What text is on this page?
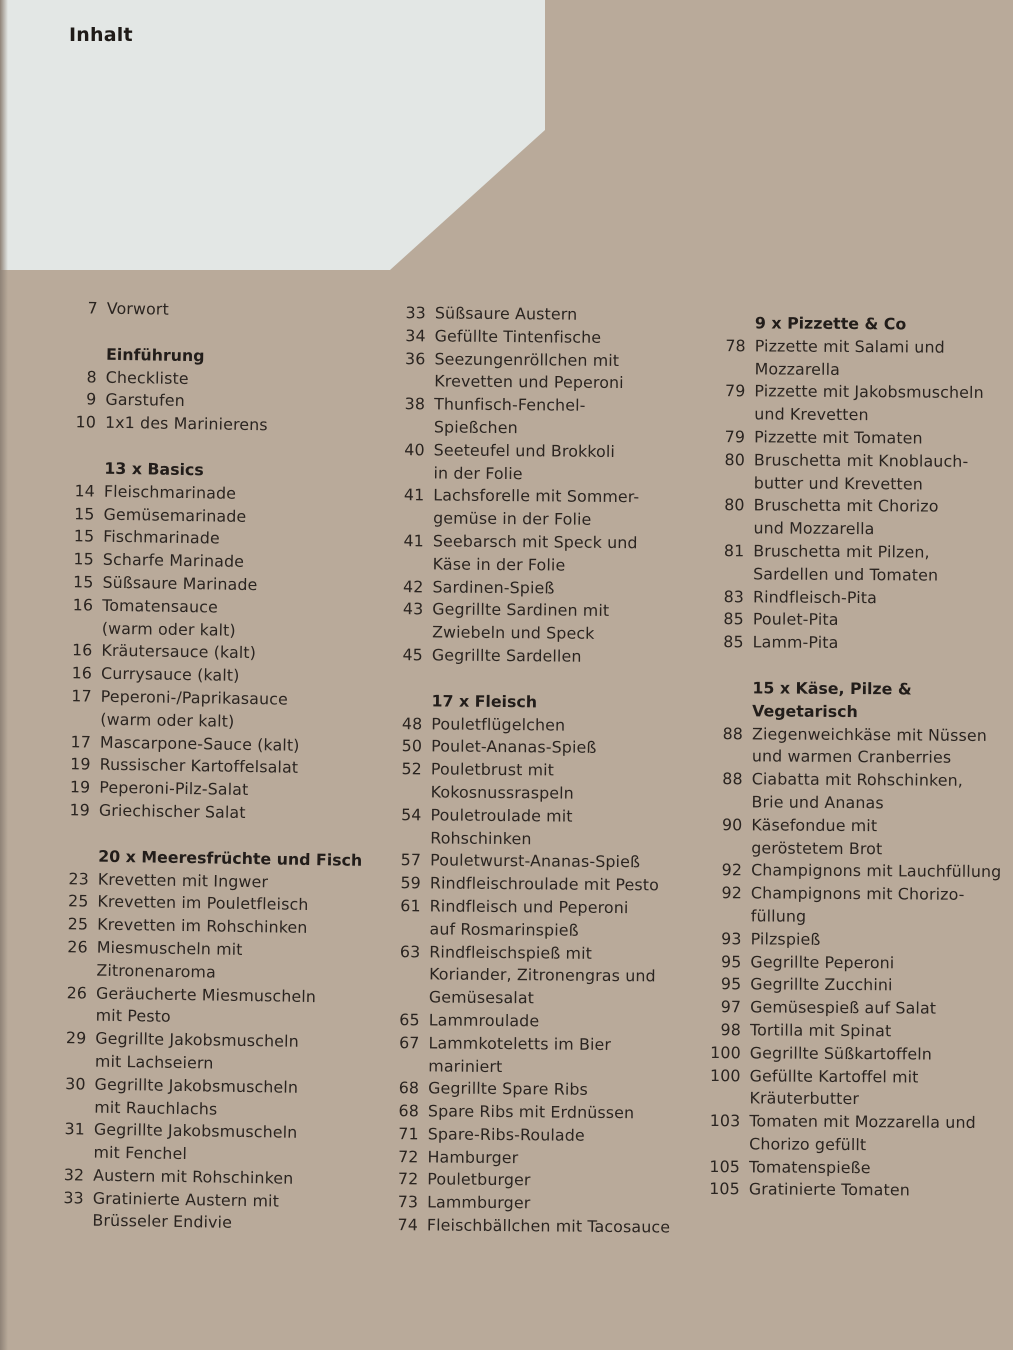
Inhalt
7 Vorwort
Einführung
8 Checkliste
9 Garstufen
10 1x1 des Marinierens
13 x Basics
14 Fleischmarinade
15 Gemüsemarinade
15 Fischmarinade
15 Scharfe Marinade
15 Süßsaure Marinade
16 Tomatensauce
(warm oder kalt)
16 Kräutersauce (kalt)
16 Currysauce (kalt)
17 Peperoni-/Paprikasauce
(warm oder kalt)
17 Mascarpone-Sauce (kalt)
19 Russischer Kartoffelsalat
19 Peperoni-Pilz-Salat
19 Griechischer Salat
20 x Meeresfrüchte und Fisch
23 Krevetten mit Ingwer
25 Krevetten im Pouletfleisch
25 Krevetten im Rohschinken
26 Miesmuscheln mit
Zitronenaroma
26 Geräucherte Miesmuscheln
mit Pesto
29 Gegrillte Jakobsmuscheln
mit Lachseiern
30 Gegrillte Jakobsmuscheln
mit Rauchlachs
31 Gegrillte Jakobsmuscheln
mit Fenchel
32 Austern mit Rohschinken
33 Gratinierte Austern mit
Brüsseler Endivie
33 Süßsaure Austern
34 Gefüllte Tintenfische
36 Seezungenröllchen mit
Krevetten und Peperoni
38 Thunfisch-Fenchel-
Spießchen
40 Seeteufel und Brokkoli
in der Folie
41 Lachsforelle mit Sommer-
gemüse in der Folie
41 Seebarsch mit Speck und
Käse in der Folie
42 Sardinen-Spieß
43 Gegrillte Sardinen mit
Zwiebeln und Speck
45 Gegrillte Sardellen
17 x Fleisch
48 Pouletflügelchen
50 Poulet-Ananas-Spieß
52 Pouletbrust mit
Kokosnussraspeln
54 Pouletroulade mit
Rohschinken
57 Pouletwurst-Ananas-Spieß
59 Rindfleischroulade mit Pesto
61 Rindfleisch und Peperoni
auf Rosmarinspieß
63 Rindfleischspieß mit
Koriander, Zitronengras und
Gemüsesalat
65 Lammroulade
67 Lammkoteletts im Bier
mariniert
68 Gegrillte Spare Ribs
68 Spare Ribs mit Erdnüssen
71 Spare-Ribs-Roulade
72 Hamburger
72 Pouletburger
73 Lammburger
74 Fleischbällchen mit Tacosauce
9 x Pizzette & Co
78 Pizzette mit Salami und
Mozzarella
79 Pizzette mit Jakobsmuscheln
und Krevetten
79 Pizzette mit Tomaten
80 Bruschetta mit Knoblauch-
butter und Krevetten
80 Bruschetta mit Chorizo
und Mozzarella
81 Bruschetta mit Pilzen,
Sardellen und Tomaten
83 Rindfleisch-Pita
85 Poulet-Pita
85 Lamm-Pita
15 x Käse, Pilze & Vegetarisch
88 Ziegenweichkäse mit Nüssen
und warmen Cranberries
88 Ciabatta mit Rohschinken,
Brie und Ananas
90 Käsefondue mit
geröstetem Brot
92 Champignons mit Lauchfüllung
92 Champignons mit Chorizo-
füllung
93 Pilzspieß
95 Gegrillte Peperoni
95 Gegrillte Zucchini
97 Gemüsespieß auf Salat
98 Tortilla mit Spinat
100 Gegrillte Süßkartoffeln
100 Gefüllte Kartoffel mit
Kräuterbutter
103 Tomaten mit Mozzarella und
Chorizo gefüllt
105 Tomatenspieße
105 Gratinierte Tomaten
